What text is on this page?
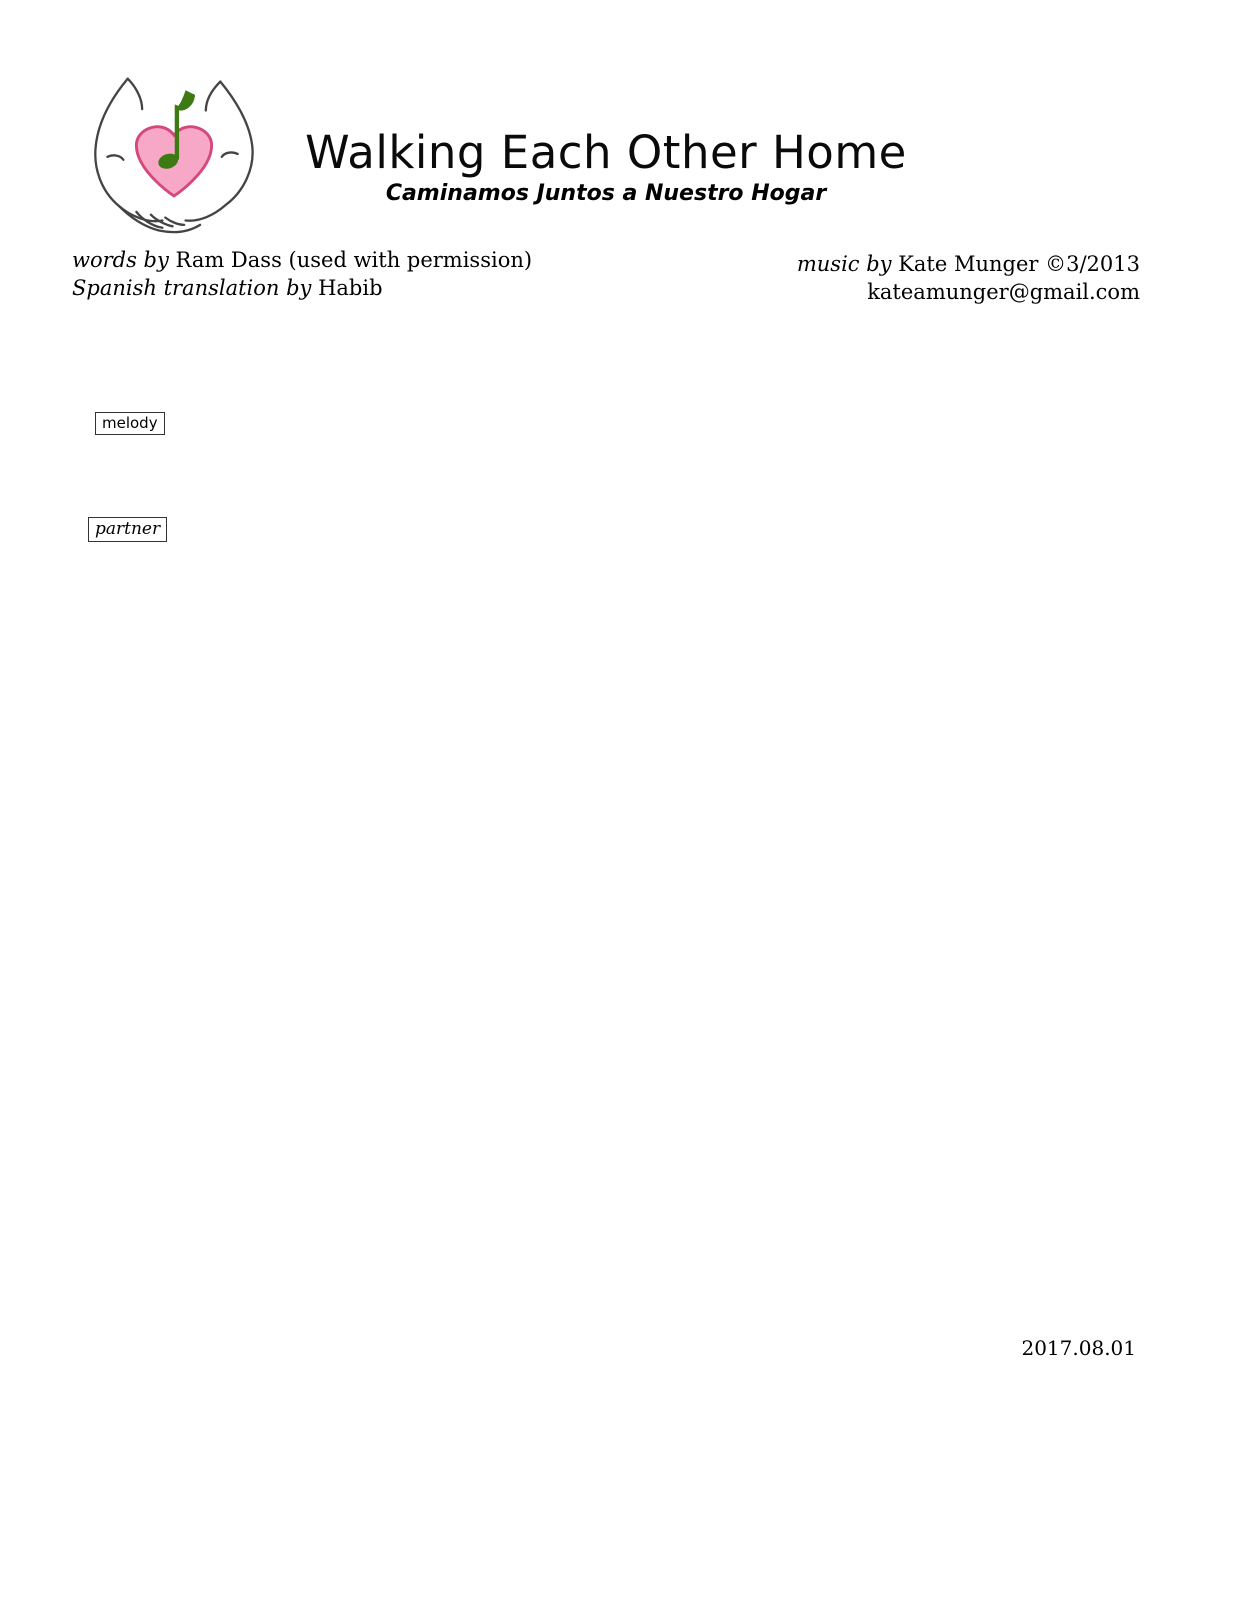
Walking Each Other Home
Caminamos Juntos a Nuestro Hogar
words by Ram Dass (used with permission)
Spanish translation by Habib
music by Kate Munger ©3/2013
kateamunger@gmail.com
melody
partner
2017.08.01
